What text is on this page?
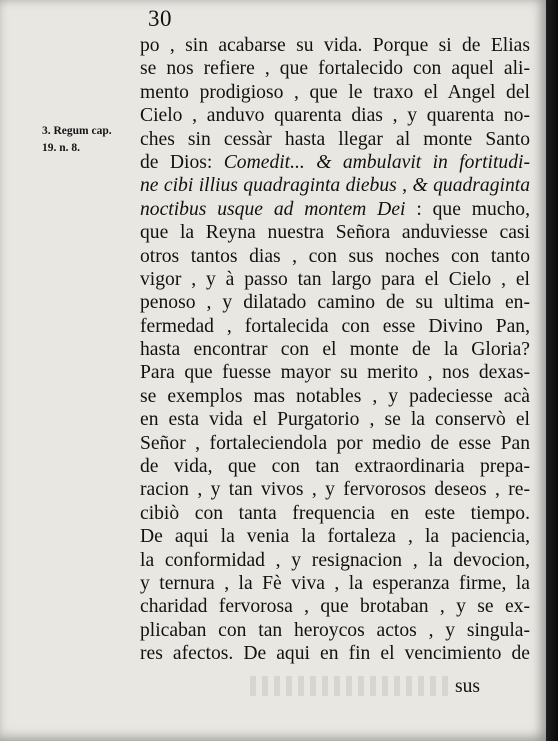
30
3. Regum cap.
19. n. 8.
po , sin acabarse su vida. Porque si de Elias
se nos refiere , que fortalecido con aquel ali-
mento prodigioso , que le traxo el Angel del
Cielo , anduvo quarenta dias , y quarenta no-
ches sin cessàr hasta llegar al monte Santo
de Dios: Comedit... & ambulavit in fortitudi-
ne cibi illius quadraginta diebus , & quadraginta
noctibus usque ad montem Dei : que mucho,
que la Reyna nuestra Señora anduviesse casi
otros tantos dias , con sus noches con tanto
vigor , y à passo tan largo para el Cielo , el
penoso , y dilatado camino de su ultima en-
fermedad , fortalecida con esse Divino Pan,
hasta encontrar con el monte de la Gloria?
Para que fuesse mayor su merito , nos dexas-
se exemplos mas notables , y padeciesse acà
en esta vida el Purgatorio , se la conservò el
Señor , fortaleciendola por medio de esse Pan
de vida, que con tan extraordinaria prepa-
racion , y tan vivos , y fervorosos deseos , re-
cibiò con tanta frequencia en este tiempo.
De aqui la venia la fortaleza , la paciencia,
la conformidad , y resignacion , la devocion,
y ternura , la Fè viva , la esperanza firme, la
charidad fervorosa , que brotaban , y se ex-
plicaban con tan heroycos actos , y singula-
res afectos. De aqui en fin el vencimiento de
sus
